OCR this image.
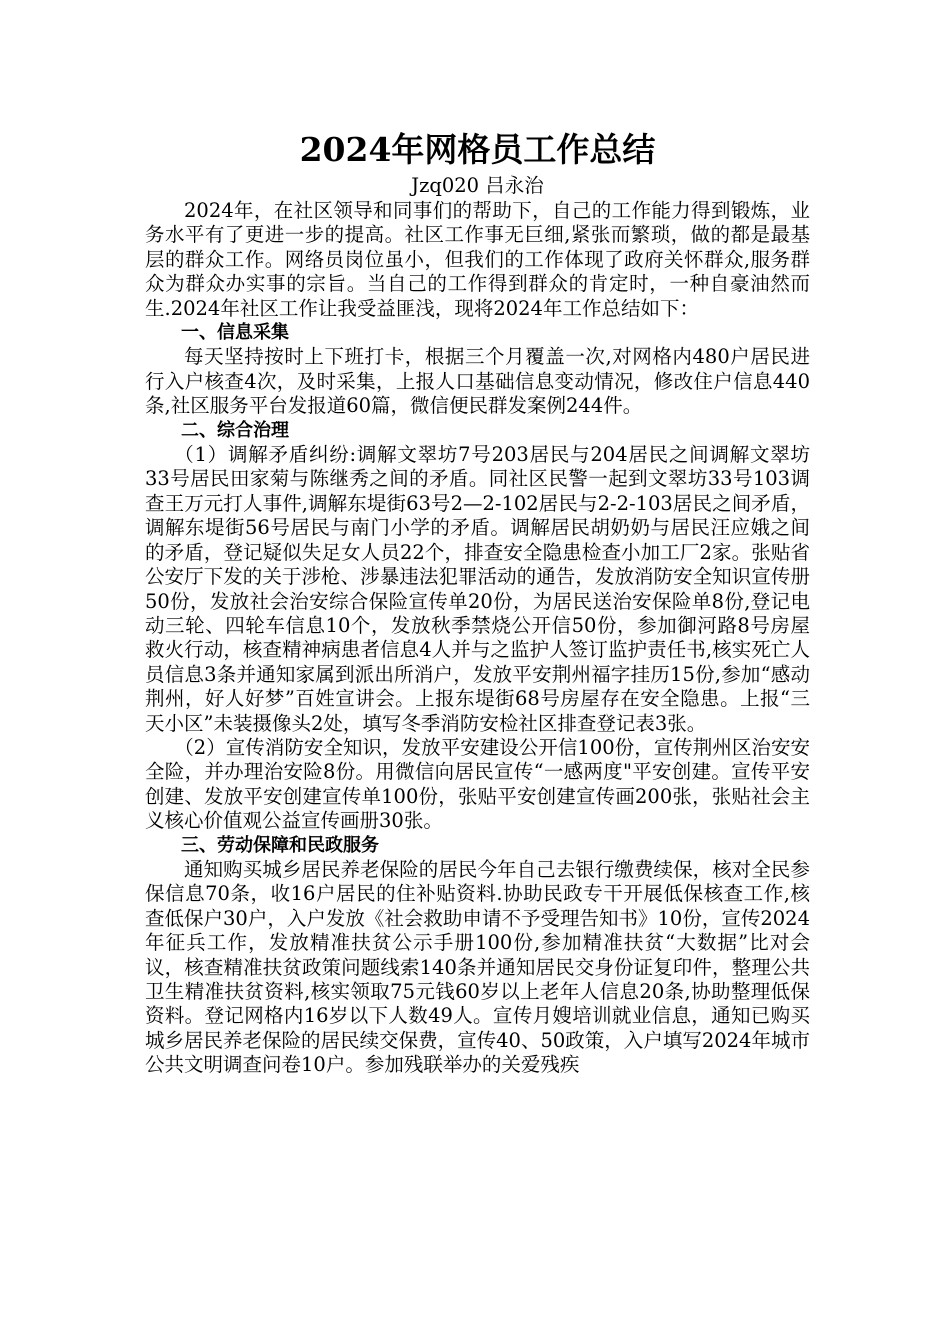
2024年网格员工作总结
Jzq020 吕永治

2024年，在社区领导和同事们的帮助下，自己的工作能力得到锻炼，业务水平有了更进一步的提高。社区工作事无巨细,紧张而繁琐，做的都是最基层的群众工作。网络员岗位虽小，但我们的工作体现了政府关怀群众,服务群众为群众办实事的宗旨。当自己的工作得到群众的肯定时，一种自豪油然而生.2024年社区工作让我受益匪浅，现将2024年工作总结如下：

一、信息采集

每天坚持按时上下班打卡，根据三个月覆盖一次,对网格内480户居民进行入户核查4次，及时采集，上报人口基础信息变动情况，修改住户信息440条,社区服务平台发报道60篇，微信便民群发案例244件。

二、综合治理

（1）调解矛盾纠纷:调解文翠坊7号203居民与204居民之间调解文翠坊33号居民田家菊与陈继秀之间的矛盾。同社区民警一起到文翠坊33号103调查王万元打人事件,调解东堤街63号2—2-102居民与2-2-103居民之间矛盾，调解东堤街56号居民与南门小学的矛盾。调解居民胡奶奶与居民汪应娥之间的矛盾，登记疑似失足女人员22个，排查安全隐患检查小加工厂2家。张贴省公安厅下发的关于涉枪、涉暴违法犯罪活动的通告，发放消防安全知识宣传册50份，发放社会治安综合保险宣传单20份，为居民送治安保险单8份,登记电动三轮、四轮车信息10个，发放秋季禁烧公开信50份，参加御河路8号房屋救火行动，核查精神病患者信息4人并与之监护人签订监护责任书,核实死亡人员信息3条并通知家属到派出所消户，发放平安荆州福字挂历15份,参加“感动荆州，好人好梦”百姓宣讲会。上报东堤街68号房屋存在安全隐患。上报“三天小区”未装摄像头2处，填写冬季消防安检社区排查登记表3张。

（2）宣传消防安全知识，发放平安建设公开信100份，宣传荆州区治安安全险，并办理治安险8份。用微信向居民宣传“一感两度"平安创建。宣传平安创建、发放平安创建宣传单100份，张贴平安创建宣传画200张，张贴社会主义核心价值观公益宣传画册30张。

三、劳动保障和民政服务

通知购买城乡居民养老保险的居民今年自己去银行缴费续保，核对全民参保信息70条，收16户居民的住补贴资料.协助民政专干开展低保核查工作,核查低保户30户，入户发放《社会救助申请不予受理告知书》10份，宣传2024年征兵工作，发放精准扶贫公示手册100份,参加精准扶贫“大数据”比对会议，核查精准扶贫政策问题线索140条并通知居民交身份证复印件，整理公共卫生精准扶贫资料,核实领取75元钱60岁以上老年人信息20条,协助整理低保资料。登记网格内16岁以下人数49人。宣传月嫂培训就业信息，通知已购买城乡居民养老保险的居民续交保费，宣传40、50政策，入户填写2024年城市公共文明调查问卷10户。参加残联举办的关爱残疾
